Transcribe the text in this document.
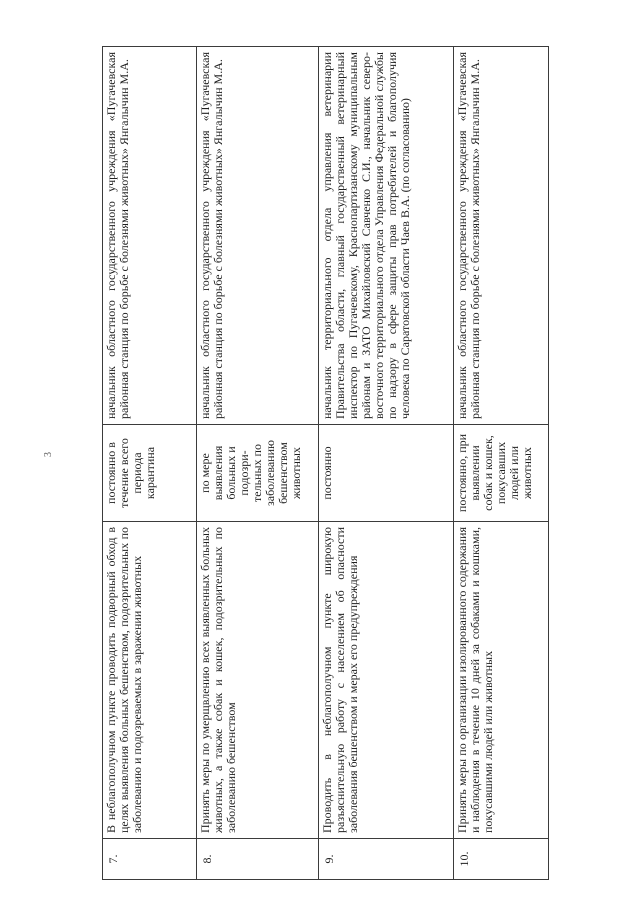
3
7.	В неблагополучном пункте проводить подворный обход в целях выявления больных бешенством, подозрительных по заболеванию и подозреваемых в заражении животных	постоянно в течение всего периода карантина	начальник областного государственного учреждения «Пугачевская районная станция по борьбе с болезнями животных» Янгалычин М.А.
8.	Принять меры по умерщвлению всех выявленных больных животных, а также собак и кошек, подозрительных по заболеванию бешенством	по мере выявления больных и подозри-тельных по заболеванию бешенством животных	начальник областного государственного учреждения «Пугачевская районная станция по борьбе с болезнями животных» Янгалычин М.А.
9.	Проводить в неблагополучном пункте широкую разъяснительную работу с населением об опасности заболевания бешенством и мерах его предупреждения	постоянно	начальник территориального отдела управления ветеринарии Правительства области, главный государственный ветеринарный инспектор по Пугачевскому, Краснопартизанскому муниципальным районам и ЗАТО Михайловский Савченко С.И., начальник северо-восточного территориального отдела Управления Федеральной службы по надзору в сфере защиты прав потребителей и благополучия человека по Саратовской области Чаев В.А. (по согласованию)
10.	Принять меры по организации изолированного содержания и наблюдения в течение 10 дней за собаками и кошками, покусавшими людей или животных	постоянно, при выявлении собак и кошек, покусавших людей или животных	начальник областного государственного учреждения «Пугачевская районная станция по борьбе с болезнями животных» Янгалычин М.А.
